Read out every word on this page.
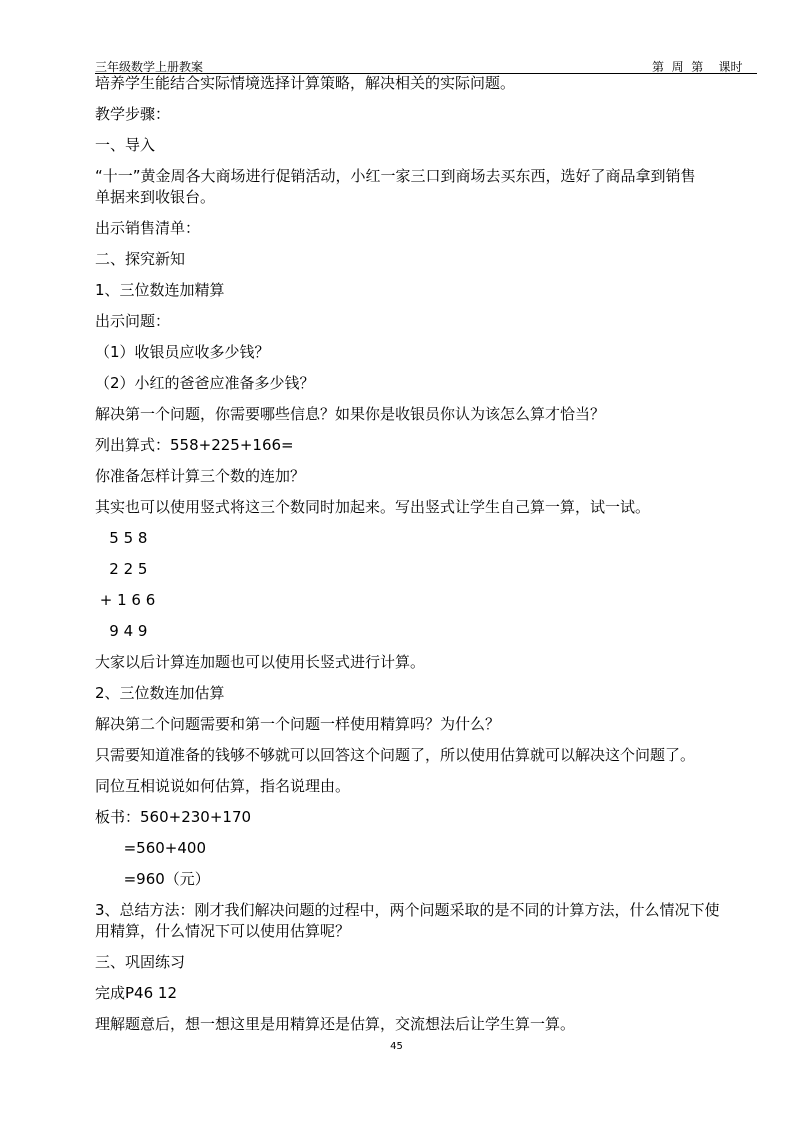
三年级数学上册教案	第  周  第    课时
培养学生能结合实际情境选择计算策略，解决相关的实际问题。
教学步骤：
一、导入
“十一”黄金周各大商场进行促销活动，小红一家三口到商场去买东西，选好了商品拿到销售
单据来到收银台。
出示销售清单：
二、探究新知
1、三位数连加精算
出示问题：
（1）收银员应收多少钱？
（2）小红的爸爸应准备多少钱？
解决第一个问题，你需要哪些信息？如果你是收银员你认为该怎么算才恰当？
列出算式：558+225+166=
你准备怎样计算三个数的连加？
其实也可以使用竖式将这三个数同时加起来。写出竖式让学生自己算一算，试一试。
5 5 8
2 2 5
+ 1 6 6
9 4 9
大家以后计算连加题也可以使用长竖式进行计算。
2、三位数连加估算
解决第二个问题需要和第一个问题一样使用精算吗？为什么？
只需要知道准备的钱够不够就可以回答这个问题了，所以使用估算就可以解决这个问题了。
同位互相说说如何估算，指名说理由。
板书：560+230+170
=560+400
=960（元）
3、总结方法：刚才我们解决问题的过程中，两个问题采取的是不同的计算方法，什么情况下使
用精算，什么情况下可以使用估算呢？
三、巩固练习
完成P46 12
理解题意后，想一想这里是用精算还是估算，交流想法后让学生算一算。
45
